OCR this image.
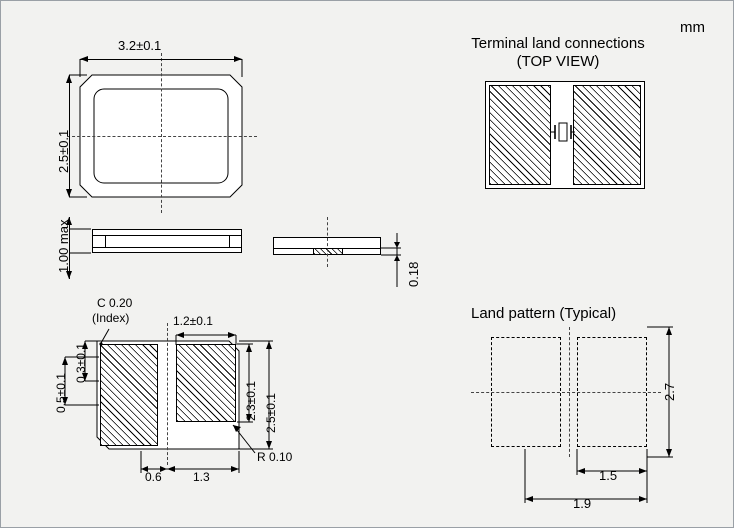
mm
3.2±0.1
2.5±0.1
1.00 max
0.18
C 0.20
(Index)	1.2±0.1
0.3±0.1
0.5±0.1	2.3±0.1 2.5±0.1
0.6	1.3
R 0.10
Terminal land connections
(TOP VIEW)
Land pattern (Typical)
2.7
1.5
1.9
